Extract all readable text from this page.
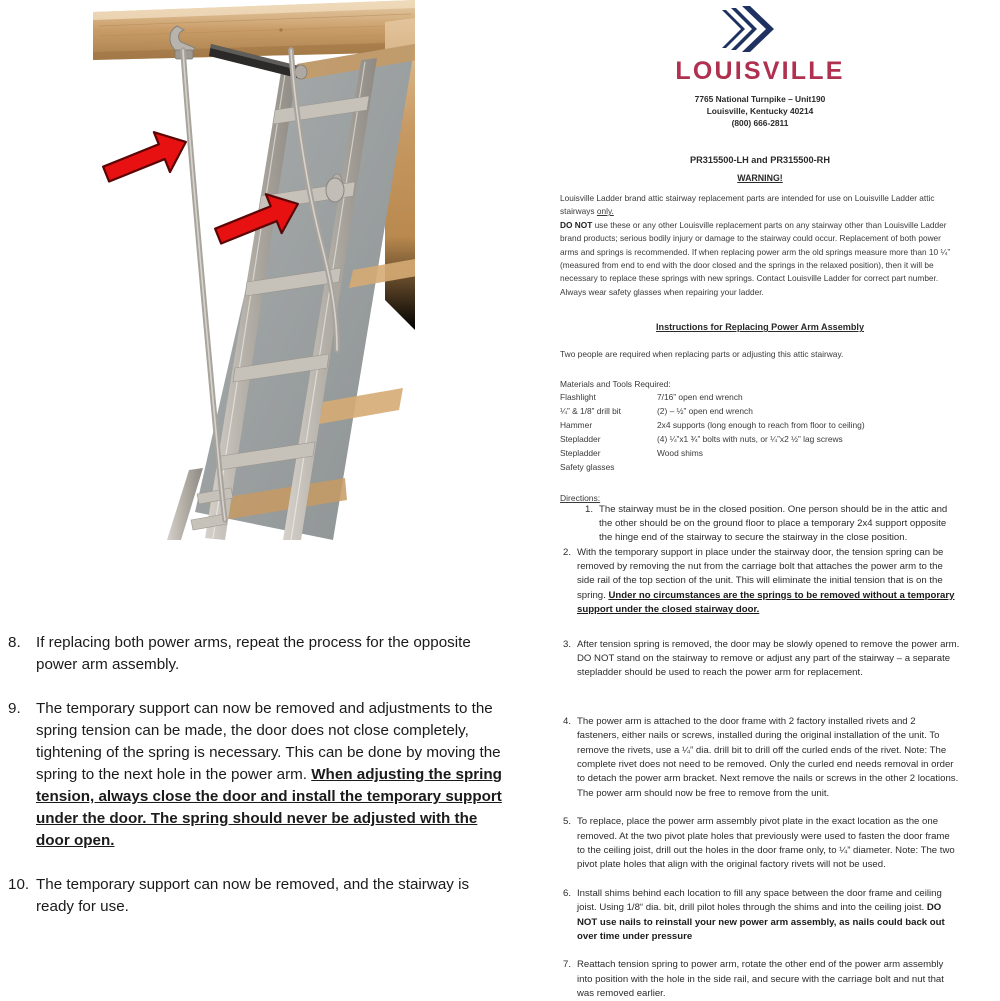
8.	If replacing both power arms, repeat the process for the opposite power arm assembly.
9.	The temporary support can now be removed and adjustments to the spring tension can be made, the door does not close completely, tightening of the spring is necessary. This can be done by moving the spring to the next hole in the power arm. When adjusting the spring tension, always close the door and install the temporary support under the door. The spring should never be adjusted with the door open.
10. The temporary support can now be removed, and the stairway is ready for use.
LOUISVILLE
7765 National Turnpike – Unit190
Louisville, Kentucky 40214
(800) 666-2811
PR315500-LH and PR315500-RH
WARNING!
Louisville Ladder brand attic stairway replacement parts are intended for use on Louisville Ladder attic stairways only.
DO NOT use these or any other Louisville replacement parts on any stairway other than Louisville Ladder brand products; serious bodily injury or damage to the stairway could occur. Replacement of both power arms and springs is recommended. If when replacing power arm the old springs measure more than 10 ¼” (measured from end to end with the door closed and the springs in the relaxed position), then it will be necessary to replace these springs with new springs. Contact Louisville Ladder for correct part number. Always wear safety glasses when repairing your ladder.
Instructions for Replacing Power Arm Assembly
Two people are required when replacing parts or adjusting this attic stairway.
Materials and Tools Required:
Flashlight	7/16” open end wrench
¼” & 1/8” drill bit	(2) – ½” open end wrench
Hammer	2x4 supports (long enough to reach from floor to ceiling)
Stepladder	(4) ¼”x1 ¾” bolts with nuts, or ¼”x2 ½” lag screws
Stepladder	Wood shims
Safety glasses	
Directions:
1. The stairway must be in the closed position. One person should be in the attic and the other should be on the ground floor to place a temporary 2x4 support opposite the hinge end of the stairway to secure the stairway in the close position.
2. With the temporary support in place under the stairway door, the tension spring can be removed by removing the nut from the carriage bolt that attaches the power arm to the side rail of the top section of the unit. This will eliminate the initial tension that is on the spring. Under no circumstances are the springs to be removed without a temporary support under the closed stairway door.
3. After tension spring is removed, the door may be slowly opened to remove the power arm. DO NOT stand on the stairway to remove or adjust any part of the stairway – a separate stepladder should be used to reach the power arm for replacement.
4. The power arm is attached to the door frame with 2 factory installed rivets and 2 fasteners, either nails or screws, installed during the original installation of the unit. To remove the rivets, use a ¼” dia. drill bit to drill off the curled ends of the rivet. Note: The complete rivet does not need to be removed. Only the curled end needs removal in order to detach the power arm bracket. Next remove the nails or screws in the other 2 locations. The power arm should now be free to remove from the unit.
5. To replace, place the power arm assembly pivot plate in the exact location as the one removed. At the two pivot plate holes that previously were used to fasten the door frame to the ceiling joist, drill out the holes in the door frame only, to ¼” diameter. Note: The two pivot plate holes that align with the original factory rivets will not be used.
6. Install shims behind each location to fill any space between the door frame and ceiling joist. Using 1/8“ dia. bit, drill pilot holes through the shims and into the ceiling joist. DO NOT use nails to reinstall your new power arm assembly, as nails could back out over time under pressure
7. Reattach tension spring to power arm, rotate the other end of the power arm assembly into position with the hole in the side rail, and secure with the carriage bolt and nut that was removed earlier.
